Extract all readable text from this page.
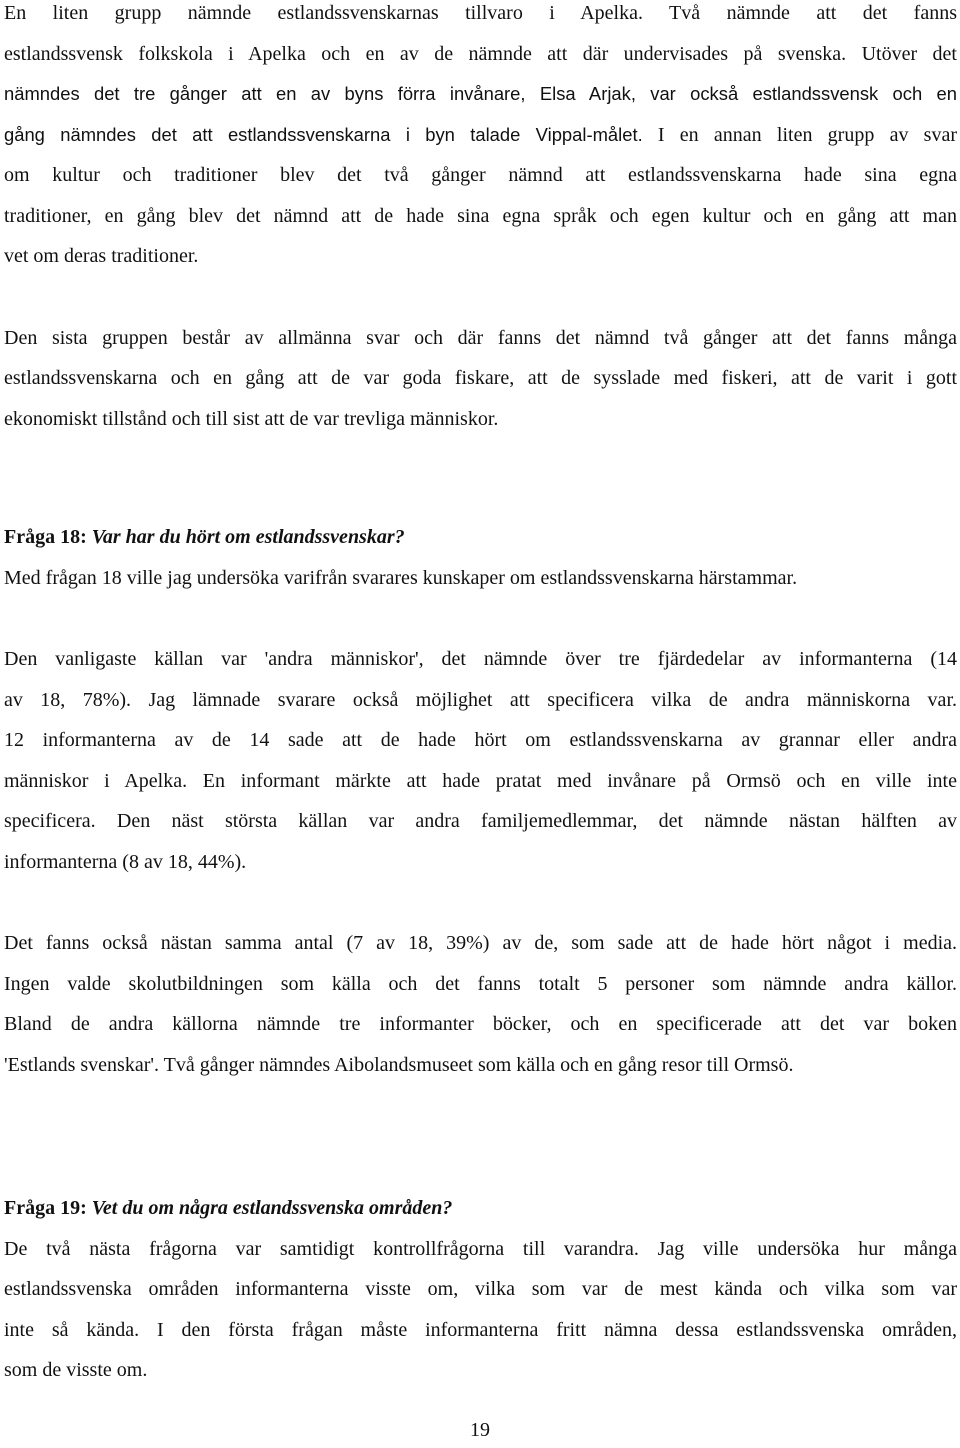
En liten grupp nämnde estlandssvenskarnas tillvaro i Apelka. Två nämnde att det fanns
estlandssvensk folkskola i Apelka och en av de nämnde att där undervisades på svenska. Utöver det
nämndes det tre gånger att en av byns förra invånare, Elsa Arjak, var också estlandssvensk och en
gång nämndes det att estlandssvenskarna i byn talade Vippal-målet. I en annan liten grupp av svar
om kultur och traditioner blev det två gånger nämnd att estlandssvenskarna hade sina egna
traditioner, en gång blev det nämnd att de hade sina egna språk och egen kultur och en gång att man
vet om deras traditioner.
Den sista gruppen består av allmänna svar och där fanns det nämnd två gånger att det fanns många
estlandssvenskarna och en gång att de var goda fiskare, att de sysslade med fiskeri, att de varit i gott
ekonomiskt tillstånd och till sist att de var trevliga människor.
Fråga 18: Var har du hört om estlandssvenskar?
Med frågan 18 ville jag undersöka varifrån svarares kunskaper om estlandssvenskarna härstammar.
Den vanligaste källan var 'andra människor', det nämnde över tre fjärdedelar av informanterna (14
av 18, 78%). Jag lämnade svarare också möjlighet att specificera vilka de andra människorna var.
12 informanterna av de 14 sade att de hade hört om estlandssvenskarna av grannar eller andra
människor i Apelka. En informant märkte att hade pratat med invånare på Ormsö och en ville inte
specificera. Den näst största källan var andra familjemedlemmar, det nämnde nästan hälften av
informanterna (8 av 18, 44%).
Det fanns också nästan samma antal (7 av 18, 39%) av de, som sade att de hade hört något i media.
Ingen valde skolutbildningen som källa och det fanns totalt 5 personer som nämnde andra källor.
Bland de andra källorna nämnde tre informanter böcker, och en specificerade att det var boken
'Estlands svenskar'. Två gånger nämndes Aibolandsmuseet som källa och en gång resor till Ormsö.
Fråga 19: Vet du om några estlandssvenska områden?
De två nästa frågorna var samtidigt kontrollfrågorna till varandra. Jag ville undersöka hur många
estlandssvenska områden informanterna visste om, vilka som var de mest kända och vilka som var
inte så kända. I den första frågan måste informanterna fritt nämna dessa estlandssvenska områden,
som de visste om.
19
